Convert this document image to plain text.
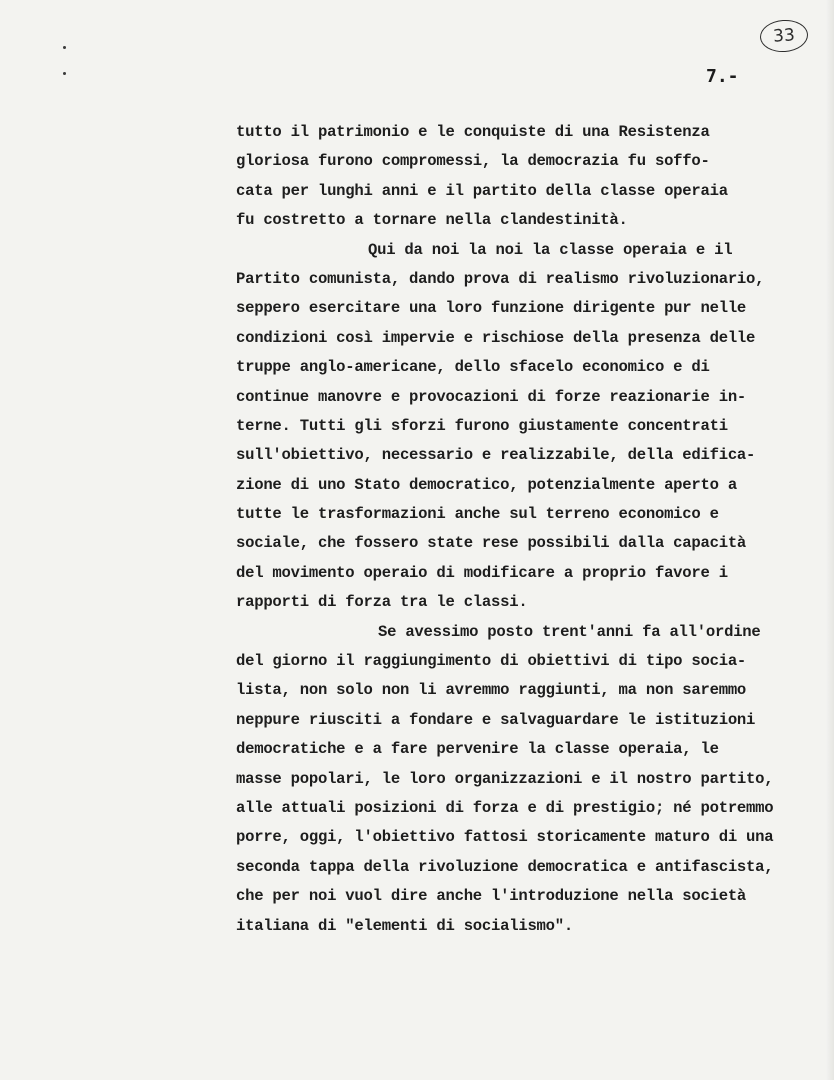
33
7.-
tutto il patrimonio e le conquiste di una Resistenza
gloriosa furono compromessi, la democrazia fu soffo-
cata per lunghi anni e il partito della classe operaia
fu costretto a tornare nella clandestinità.
Qui da noi la noi la classe operaia e il
Partito comunista, dando prova di realismo rivoluzionario,
seppero esercitare una loro funzione dirigente pur nelle
condizioni così impervie e rischiose della presenza delle
truppe anglo-americane, dello sfacelo economico e di
continue manovre e provocazioni di forze reazionarie in-
terne. Tutti gli sforzi furono giustamente concentrati
sull'obiettivo, necessario e realizzabile, della edifica-
zione di uno Stato democratico, potenzialmente aperto a
tutte le trasformazioni anche sul terreno economico e
sociale, che fossero state rese possibili dalla capacità
del movimento operaio di modificare a proprio favore i
rapporti di forza tra le classi.
Se avessimo posto trent'anni fa all'ordine
del giorno il raggiungimento di obiettivi di tipo socia-
lista, non solo non li avremmo raggiunti, ma non saremmo
neppure riusciti a fondare e salvaguardare le istituzioni
democratiche e a fare pervenire la classe operaia, le
masse popolari, le loro organizzazioni e il nostro partito,
alle attuali posizioni di forza e di prestigio; né potremmo
porre, oggi, l'obiettivo fattosi storicamente maturo di una
seconda tappa della rivoluzione democratica e antifascista,
che per noi vuol dire anche l'introduzione nella società
italiana di "elementi di socialismo".
